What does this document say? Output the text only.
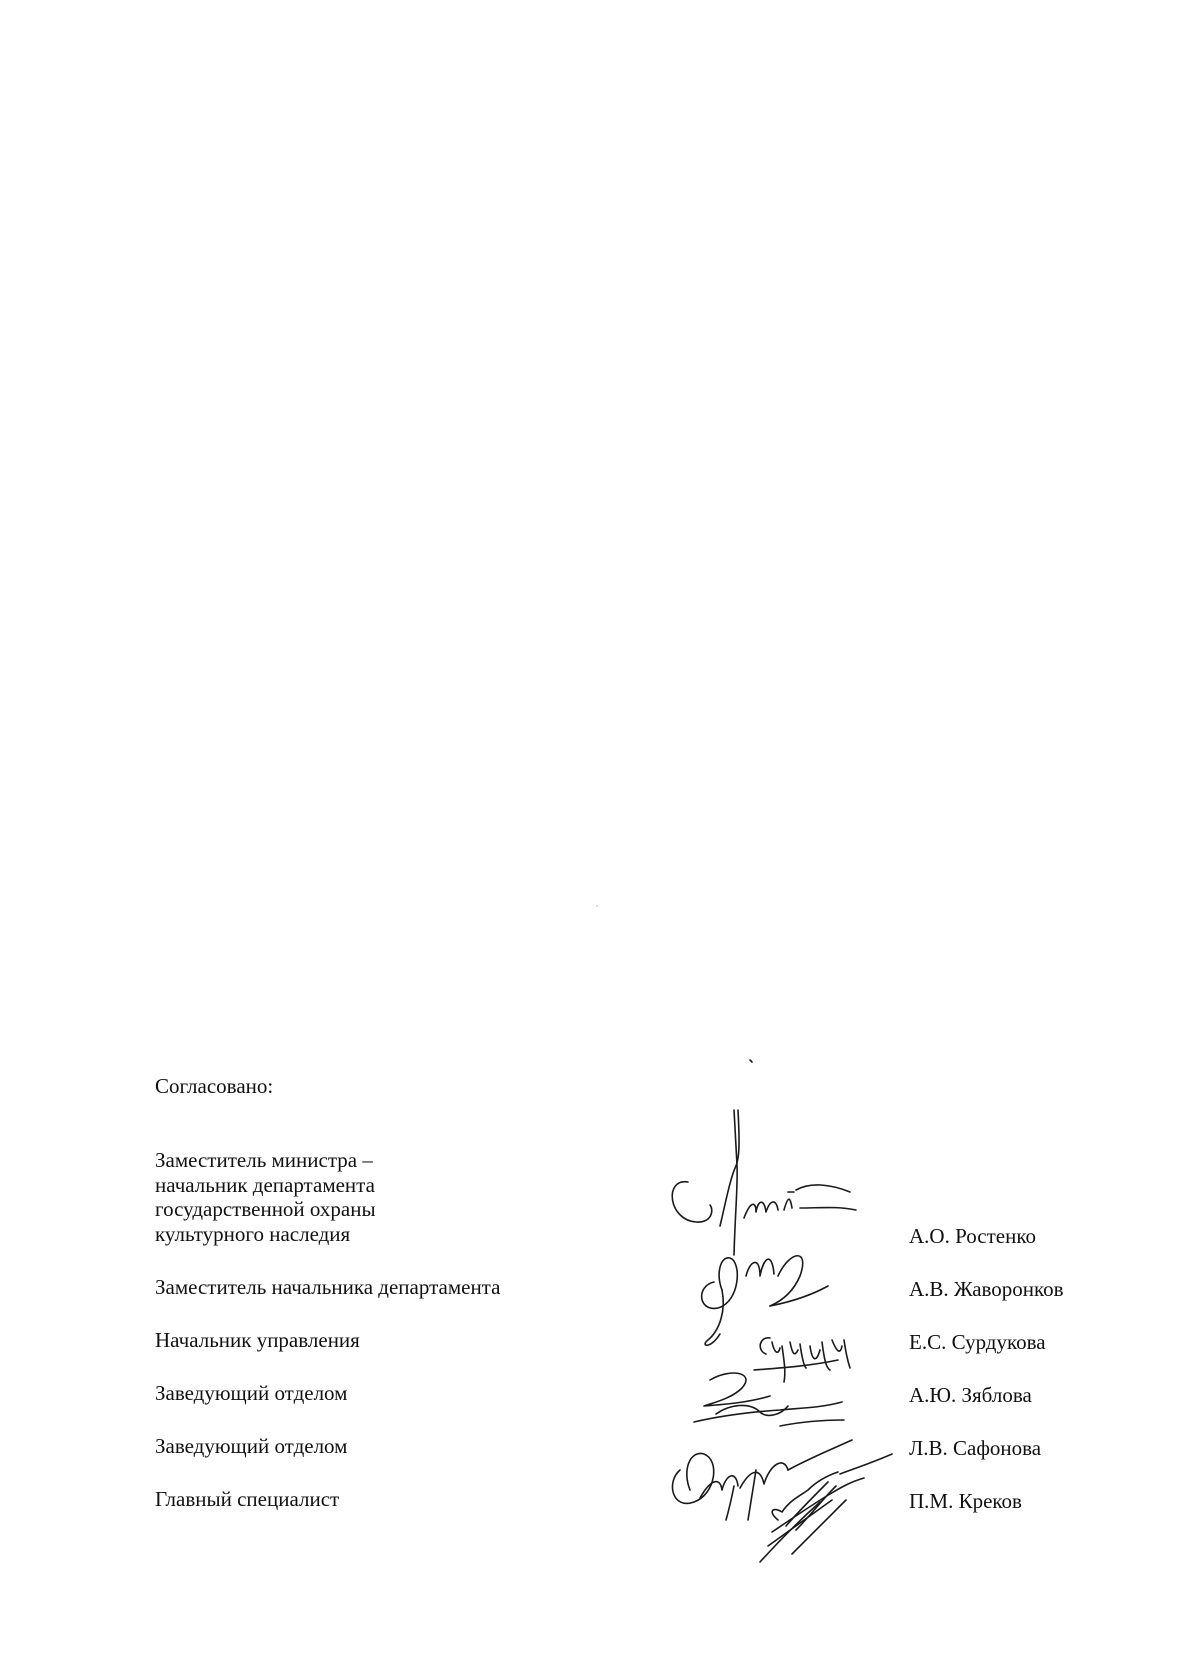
Согласовано:

Заместитель министра –
начальник департамента
государственной охраны
культурного наследия	А.О. Ростенко
Заместитель начальника департамента	А.В. Жаворонков
Начальник управления	Е.С. Сурдукова
Заведующий отделом	А.Ю. Зяблова
Заведующий отделом	Л.В. Сафонова
Главный специалист	П.М. Креков
